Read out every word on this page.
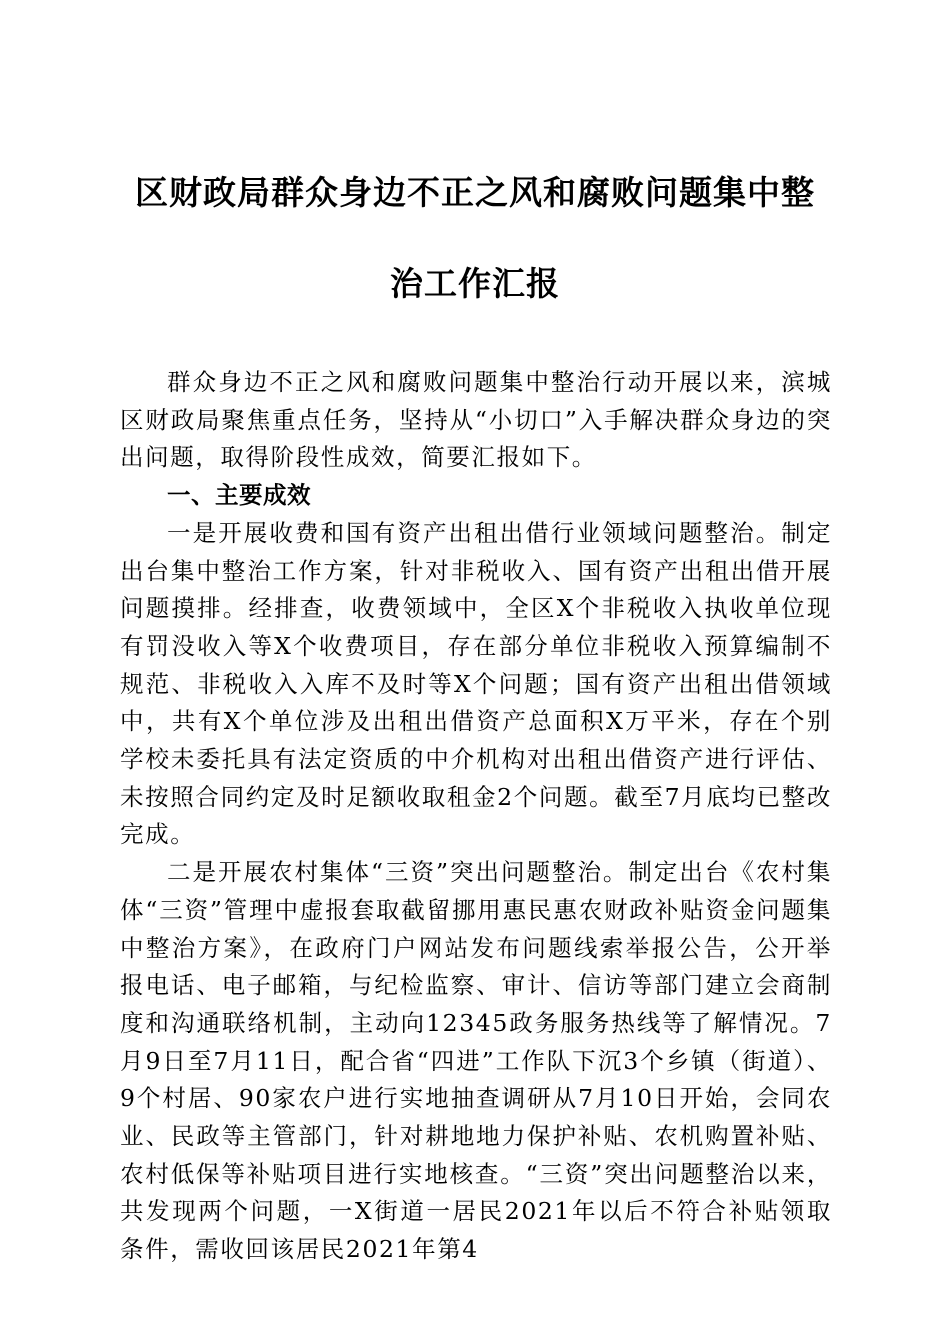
区财政局群众身边不正之风和腐败问题集中整
治工作汇报

群众身边不正之风和腐败问题集中整治行动开展以来，滨城区财政局聚焦重点任务，坚持从“小切口”入手解决群众身边的突出问题，取得阶段性成效，简要汇报如下。

一、主要成效

一是开展收费和国有资产出租出借行业领域问题整治。制定出台集中整治工作方案，针对非税收入、国有资产出租出借开展问题摸排。经排查，收费领域中，全区X个非税收入执收单位现有罚没收入等X个收费项目，存在部分单位非税收入预算编制不规范、非税收入入库不及时等X个问题；国有资产出租出借领域中，共有X个单位涉及出租出借资产总面积X万平米，存在个别学校未委托具有法定资质的中介机构对出租出借资产进行评估、未按照合同约定及时足额收取租金2个问题。截至7月底均已整改完成。

二是开展农村集体“三资”突出问题整治。制定出台《农村集体“三资”管理中虚报套取截留挪用惠民惠农财政补贴资金问题集中整治方案》，在政府门户网站发布问题线索举报公告，公开举报电话、电子邮箱，与纪检监察、审计、信访等部门建立会商制度和沟通联络机制，主动向12345政务服务热线等了解情况。7月9日至7月11日，配合省“四进”工作队下沉3个乡镇（街道）、9个村居、90家农户进行实地抽查调研从7月10日开始，会同农业、民政等主管部门，针对耕地地力保护补贴、农机购置补贴、农村低保等补贴项目进行实地核查。“三资”突出问题整治以来，共发现两个问题，一X街道一居民2021年以后不符合补贴领取条件，需收回该居民2021年第4
